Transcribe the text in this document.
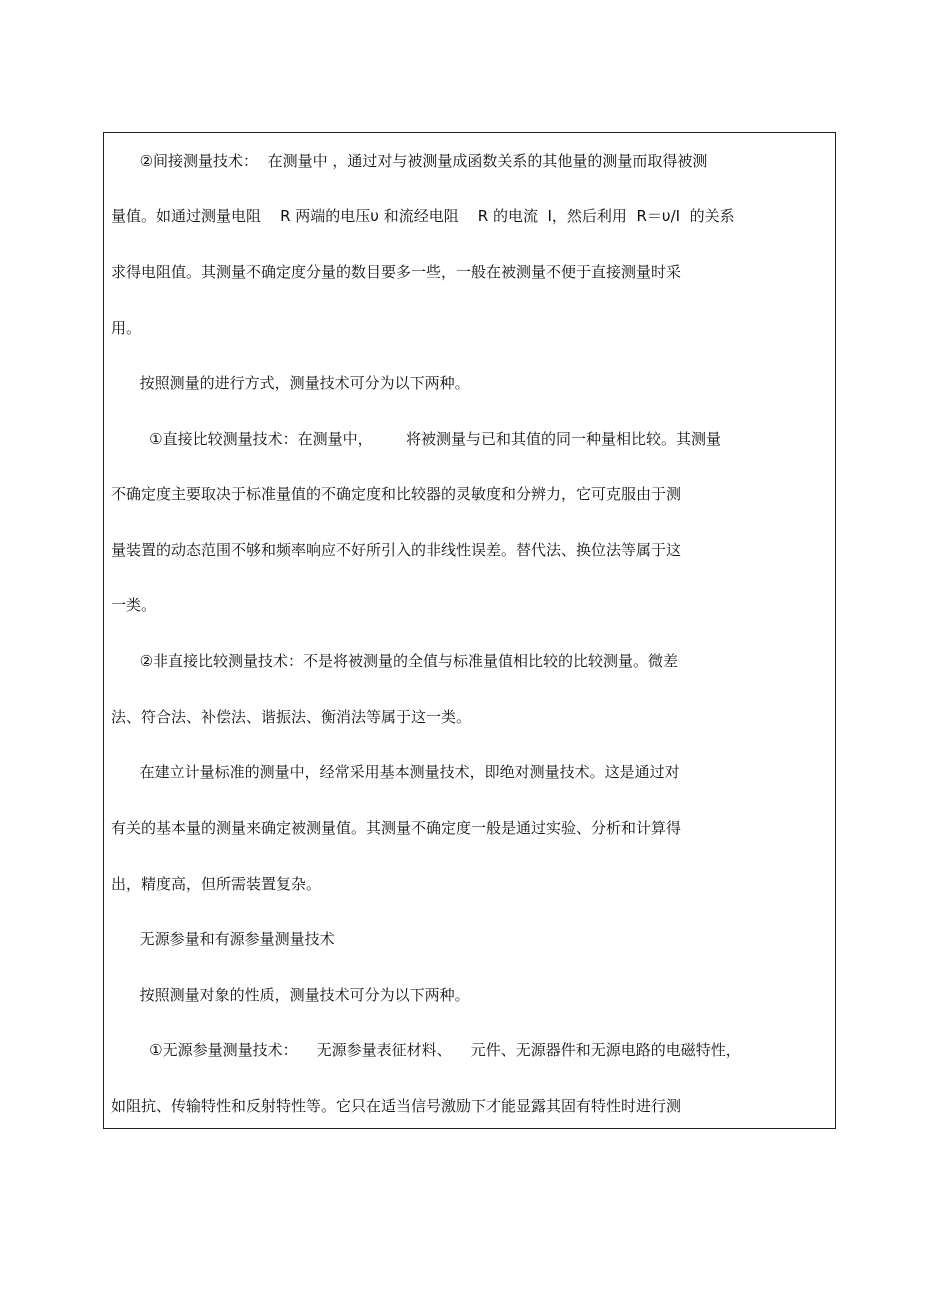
②间接测量技术：  在测量中 ，通过对与被测量成函数关系的其他量的测量而取得被测
量值。如通过测量电阻    R 两端的电压υ 和流经电阻    R 的电流  I，然后利用  R＝υ/I  的关系
求得电阻值。其测量不确定度分量的数目要多一些，一般在被测量不便于直接测量时采
用。
按照测量的进行方式，测量技术可分为以下两种。
①直接比较测量技术：在测量中，       将被测量与已和其值的同一种量相比较。其测量
不确定度主要取决于标准量值的不确定度和比较器的灵敏度和分辨力，它可克服由于测
量装置的动态范围不够和频率响应不好所引入的非线性误差。替代法、换位法等属于这
一类。
②非直接比较测量技术：不是将被测量的全值与标准量值相比较的比较测量。微差
法、符合法、补偿法、谐振法、衡消法等属于这一类。
在建立计量标准的测量中，经常采用基本测量技术，即绝对测量技术。这是通过对
有关的基本量的测量来确定被测量值。其测量不确定度一般是通过实验、分析和计算得
出，精度高，但所需装置复杂。
无源参量和有源参量测量技术
按照测量对象的性质，测量技术可分为以下两种。
①无源参量测量技术：    无源参量表征材料、    元件、无源器件和无源电路的电磁特性，
如阻抗、传输特性和反射特性等。它只在适当信号激励下才能显露其固有特性时进行测
